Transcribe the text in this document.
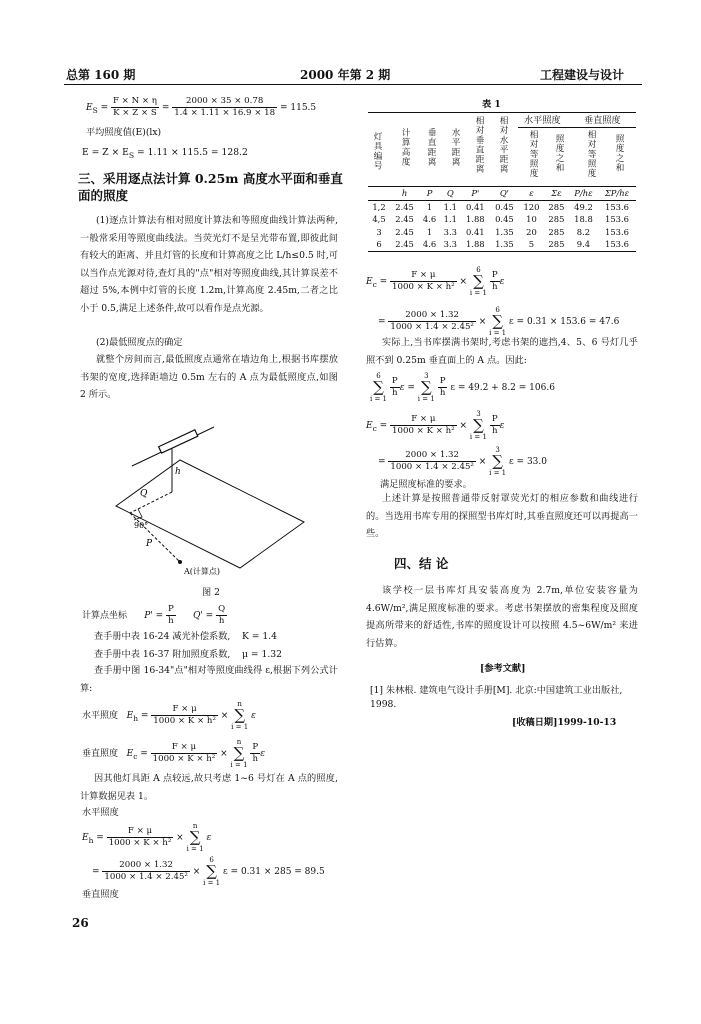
总第 160 期	2000 年第 2 期	工程建设与设计
$E_S = \frac{F \times N \times \eta}{K \times Z \times S} = \frac{2000 \times 35 \times 0.78}{1.4 \times 1.11 \times 16.9 \times 18} = 115.5$
平均照度值(E)(lx)
$E = Z \times E_S = 1.11 \times 115.5 = 128.2$
三、采用逐点法计算 0.25m 高度水平面和垂直面的照度
(1)逐点计算法有相对照度计算法和等照度曲线计算法两种,一般常采用等照度曲线法。当荧光灯不是呈光带布置,即彼此间有较大的距离、并且灯管的长度和计算高度之比 L/h≤0.5 时,可以当作点光源对待,查灯具的"点"相对等照度曲线,其计算误差不超过 5%,本例中灯管的长度 1.2m,计算高度 2.45m,二者之比小于 0.5,满足上述条件,故可以看作是点光源。
(2)最低照度点的确定
就整个房间而言,最低照度点通常在墙边角上,根据书库摆放书架的宽度,选择距墙边 0.5m 左右的 A 点为最低照度点,如图 2 所示。
h
Q
90°
P
A(计算点)
图 2
计算点坐标 $P' = \frac{P}{h} Q' = \frac{Q}{h}$
查手册中表 16-24 减光补偿系数, K = 1.4
查手册中表 16-37 附加照度系数, μ = 1.32
查手册中图 16-34"点"相对等照度曲线得 ε,根据下列公式计算:
水平照度 $E_h = \frac{F \times \mu}{\text{1000 × K × h²}} \times n$
∑
i = 1 ε
垂直照度 $E_c = \frac{F \times \mu}{\text{1000 × K × h²}} \times n$
∑
$i = 1 \frac{P}{h}$ ε
因其他灯具距 A 点较远,故只考虑 1~6 号灯在 A 点的照度,计算数据见表 1。
水平照度
$E_h = \frac{F \times \mu}{\text{1000 × K × h²}} \times n$
∑
i = 1 ε
= $\frac{2000 \times 1.32}{\text{1000 × 1.4 × 2.45²}} \times 6$
∑
i = 1 ε = 0.31 × 285 = 89.5
垂直照度
26
表 1
灯具编号 计算高度 垂直距离 水平距离 相对垂直距离 相对水平距离 水平照度	垂直照度
相对等照度 照度之和	相对等照度 照度之和
	h	P	Q	P'	Q'	ε	Σε	P/hε	ΣP/hε
1,2	2.45	1	1.1	0.41	0.45	120	285	49.2	153.6
4,5	2.45	4.6	1.1	1.88	0.45	10	285	18.8	153.6
3	2.45	1	3.3	0.41	1.35	20	285	8.2	153.6
6	2.45	4.6	3.3	1.88	1.35	5	285	9.4	153.6
$E_c = \frac{F \times \mu}{\text{1000 × K × h²}} \times 6$
∑
$i = 1 \frac{P}{h}$ ε
= $\frac{2000 \times 1.32}{\text{1000 × 1.4 × 2.45²}} \times 6$
∑
i = 1 ε = 0.31 × 153.6 = 47.6
实际上,当书库摆满书架时,考虑书架的遮挡,4、5、6 号灯几乎照不到 0.25m 垂直面上的 A 点。因此:
6
∑
$i = 1 \frac{P}{h}$ ε = 3
∑
$i = 1 \frac{P}{h}$ ε = 49.2 + 8.2 = 106.6
$E_c = \frac{F \times \mu}{\text{1000 × K × h²}} \times 3$
∑
$i = 1 \frac{P}{h}$ ε
= $\frac{2000 \times 1.32}{\text{1000 × 1.4 × 2.45²}} \times 3$
∑
i = 1 ε = 33.0
满足照度标准的要求。
上述计算是按照普通带反射罩荧光灯的相应参数和曲线进行的。当选用书库专用的探照型书库灯时,其垂直照度还可以再提高一些。
四、结 论
该学校一层书库灯具安装高度为 2.7m,单位安装容量为 4.6W/m²,满足照度标准的要求。考虑书架摆放的密集程度及照度提高所带来的舒适性,书库的照度设计可以按照 4.5~6W/m² 来进行估算。
[参考文献]
[1] 朱林根. 建筑电气设计手册[M]. 北京:中国建筑工业出版社, 1998.
[收稿日期]1999-10-13
